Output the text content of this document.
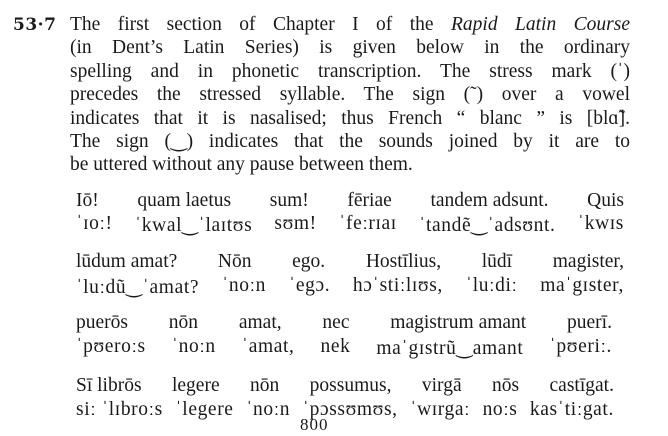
53·7 The first section of Chapter I of the Rapid Latin Course
(in Dent’s Latin Series) is given below in the ordinary
spelling and in phonetic transcription. The stress mark (ˈ)
precedes the stressed syllable. The sign (˜) over a vowel
indicates that it is nasalised; thus French “ blanc ” is [blɑ̃].
The sign (‿) indicates that the sounds joined by it are to
be uttered without any pause between them.
Iō! quam laetus sum! fēriae tandem adsunt. Quis
ˈɪoː! ˈkwal‿ˈlaɪtʊs sʊm! ˈfeːrɪaɪ ˈtandẽ‿ˈadsʊnt. ˈkwɪs
lūdum amat? Nōn ego. Hostīlius, lūdī magister,
ˈluːdũ‿ˈamat? ˈnoːn ˈegɔ. hɔˈstiːlɪʊs, ˈluːdiː maˈgɪster,
puerōs nōn amat, nec magistrum amant puerī.
ˈpʊeroːs ˈnoːn ˈamat, nek maˈgɪstrũ‿amant ˈpʊeriː.
Sī librōs legere nōn possumus, virgā nōs castīgat.
siː ˈlɪbroːs ˈlegere ˈnoːn ˈpɔssʊmʊs, ˈwɪrgaː noːs kasˈtiːgat.
800
